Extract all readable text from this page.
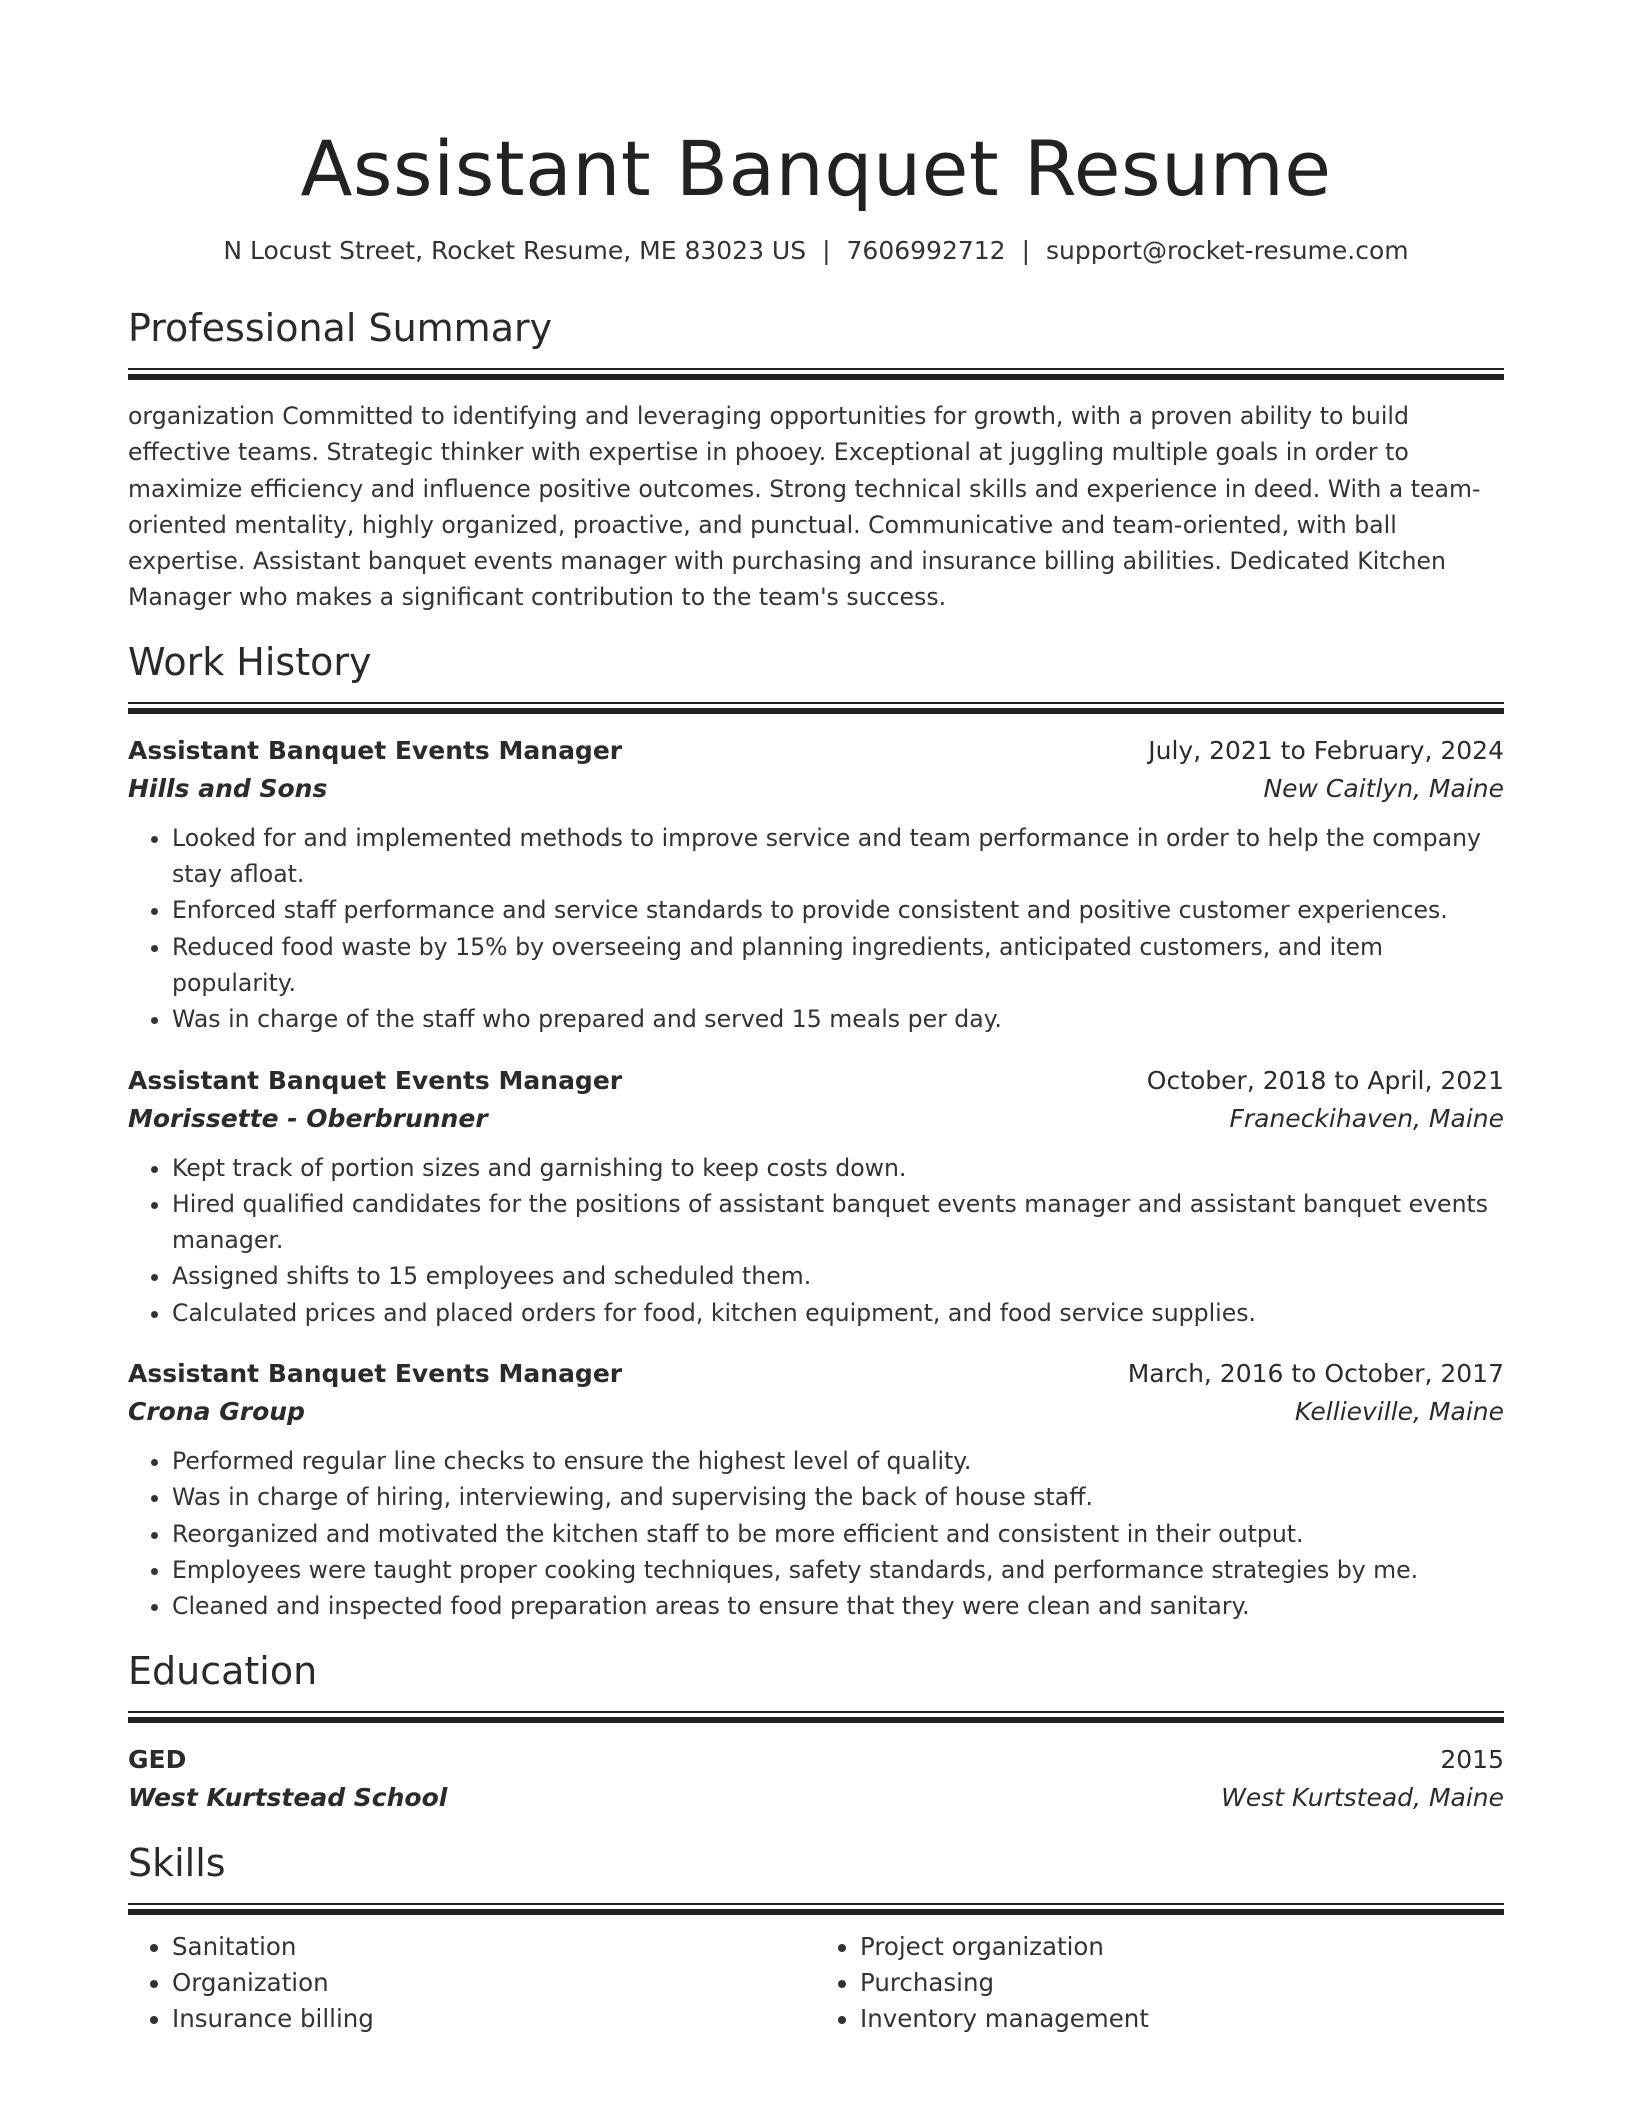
Assistant Banquet Resume
N Locust Street, Rocket Resume, ME 83023 US | 7606992712 | support@rocket-resume.com
Professional Summary

organization Committed to identifying and leveraging opportunities for growth, with a proven ability to build effective teams. Strategic thinker with expertise in phooey. Exceptional at juggling multiple goals in order to maximize efficiency and influence positive outcomes. Strong technical skills and experience in deed. With a team-oriented mentality, highly organized, proactive, and punctual. Communicative and team-oriented, with ball expertise. Assistant banquet events manager with purchasing and insurance billing abilities. Dedicated Kitchen Manager who makes a significant contribution to the team's success.

Work History
Assistant Banquet Events Manager	July, 2021 to February, 2024
Hills and Sons	New Caitlyn, Maine
• Looked for and implemented methods to improve service and team performance in order to help the company stay afloat.
• Enforced staff performance and service standards to provide consistent and positive customer experiences.
• Reduced food waste by 15% by overseeing and planning ingredients, anticipated customers, and item popularity.
• Was in charge of the staff who prepared and served 15 meals per day.
Assistant Banquet Events Manager	October, 2018 to April, 2021
Morissette - Oberbrunner	Franeckihaven, Maine
• Kept track of portion sizes and garnishing to keep costs down.
• Hired qualified candidates for the positions of assistant banquet events manager and assistant banquet events manager.
• Assigned shifts to 15 employees and scheduled them.
• Calculated prices and placed orders for food, kitchen equipment, and food service supplies.
Assistant Banquet Events Manager	March, 2016 to October, 2017
Crona Group	Kellieville, Maine
• Performed regular line checks to ensure the highest level of quality.
• Was in charge of hiring, interviewing, and supervising the back of house staff.
• Reorganized and motivated the kitchen staff to be more efficient and consistent in their output.
• Employees were taught proper cooking techniques, safety standards, and performance strategies by me.
• Cleaned and inspected food preparation areas to ensure that they were clean and sanitary.
Education
GED	2015
West Kurtstead School	West Kurtstead, Maine
Skills
• Sanitation
• Organization
• Insurance billing
• Project organization
• Purchasing
• Inventory management
